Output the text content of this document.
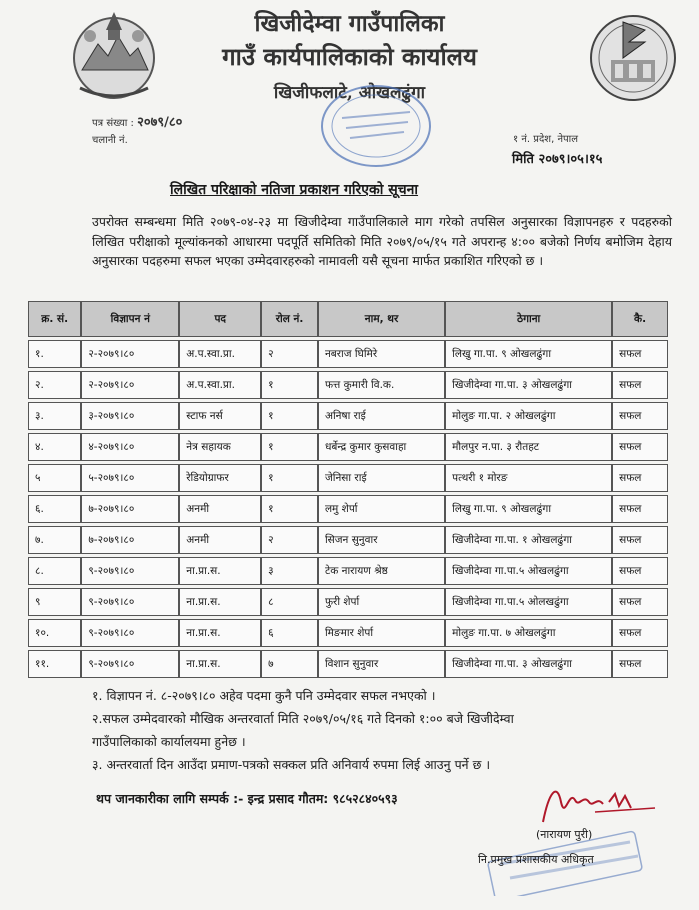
खिजीदेम्वा गाउँपालिका
गाउँ कार्यपालिकाको कार्यालय
खिजीफलाटे, ओखलढुंगा
पत्र संख्या : २०७९/८०
चलानी नं.	१ नं. प्रदेश, नेपाल
मिति २०७९।०५।१५
लिखित परिक्षाको नतिजा प्रकाशन गरिएको सूचना
उपरोक्त सम्बन्धमा मिति २०७९-०४-२३ मा खिजीदेम्वा गाउँपालिकाले माग गरेको तपसिल अनुसारका विज्ञापनहरु र पदहरुको लिखित परीक्षाको मूल्यांकनको आधारमा पदपूर्ति समितिको मिति २०७९/०५/१५ गते अपरान्ह ४:०० बजेको निर्णय बमोजिम देहाय अनुसारका पदहरुमा सफल भएका उम्मेदवारहरुको नामावली यसै सूचना मार्फत प्रकाशित गरिएको छ ।
क्र. सं.	विज्ञापन नं	पद	रोल नं.	नाम, थर	ठेगाना	कै.

१.	२-२०७९।८०	अ.प.स्वा.प्रा.	२	नबराज घिमिरे	लिखु गा.पा. ९ ओखलढुंगा	सफल

२.	२-२०७९।८०	अ.प.स्वा.प्रा.	१	फत्त कुमारी वि.क.	खिजीदेम्वा गा.पा. ३ ओखलढुंगा	सफल

३.	३-२०७९।८०	स्टाफ नर्स	१	अनिषा राई	मोलुङ गा.पा. २ ओखलढुंगा	सफल

४.	४-२०७९।८०	नेत्र सहायक	१	धर्बेन्द्र कुमार कुसवाहा	मौलपुर न.पा. ३ रौतहट	सफल

५	५-२०७९।८०	रेडियोग्राफर	१	जेनिसा राई	पत्थरी १ मोरङ	सफल

६.	७-२०७९।८०	अनमी	१	लमु शेर्पा	लिखु गा.पा. ९ ओखलढुंगा	सफल

७.	७-२०७९।८०	अनमी	२	सिजन सुनुवार	खिजीदेम्वा गा.पा. १ ओखलढुंगा	सफल

८.	९-२०७९।८०	ना.प्रा.स.	३	टेक नारायण श्रेष्ठ	खिजीदेम्वा गा.पा.५ ओखलढुंगा	सफल

९	९-२०७९।८०	ना.प्रा.स.	८	फुरी शेर्पा	खिजीदेम्वा गा.पा.५ ओलखढुंगा	सफल

१०.	९-२०७९।८०	ना.प्रा.स.	६	मिङमार शेर्पा	मोलुङ गा.पा. ७ ओखलढुंगा	सफल

११.	९-२०७९।८०	ना.प्रा.स.	७	विशान सुनुवार	खिजीदेम्वा गा.पा. ३ ओखलढुंगा	सफल
१. विज्ञापन नं. ८-२०७९।८० अहेव पदमा कुनै पनि उम्मेदवार सफल नभएको ।
२.सफल उम्मेदवारको मौखिक अन्तरवार्ता मिति २०७९/०५/१६ गते दिनको १:०० बजे खिजीदेम्वा
गाउँपालिकाको कार्यालयमा हुनेछ ।
३. अन्तरवार्ता दिन आउँदा प्रमाण-पत्रको सक्कल प्रति अनिवार्य रुपमा लिई आउनु पर्ने छ ।
थप जानकारीका लागि सम्पर्क :- इन्द्र प्रसाद गौतम: ९८५२८४०५९३
(नारायण पुरी)
नि.प्रमुख प्रशासकीय अधिकृत
